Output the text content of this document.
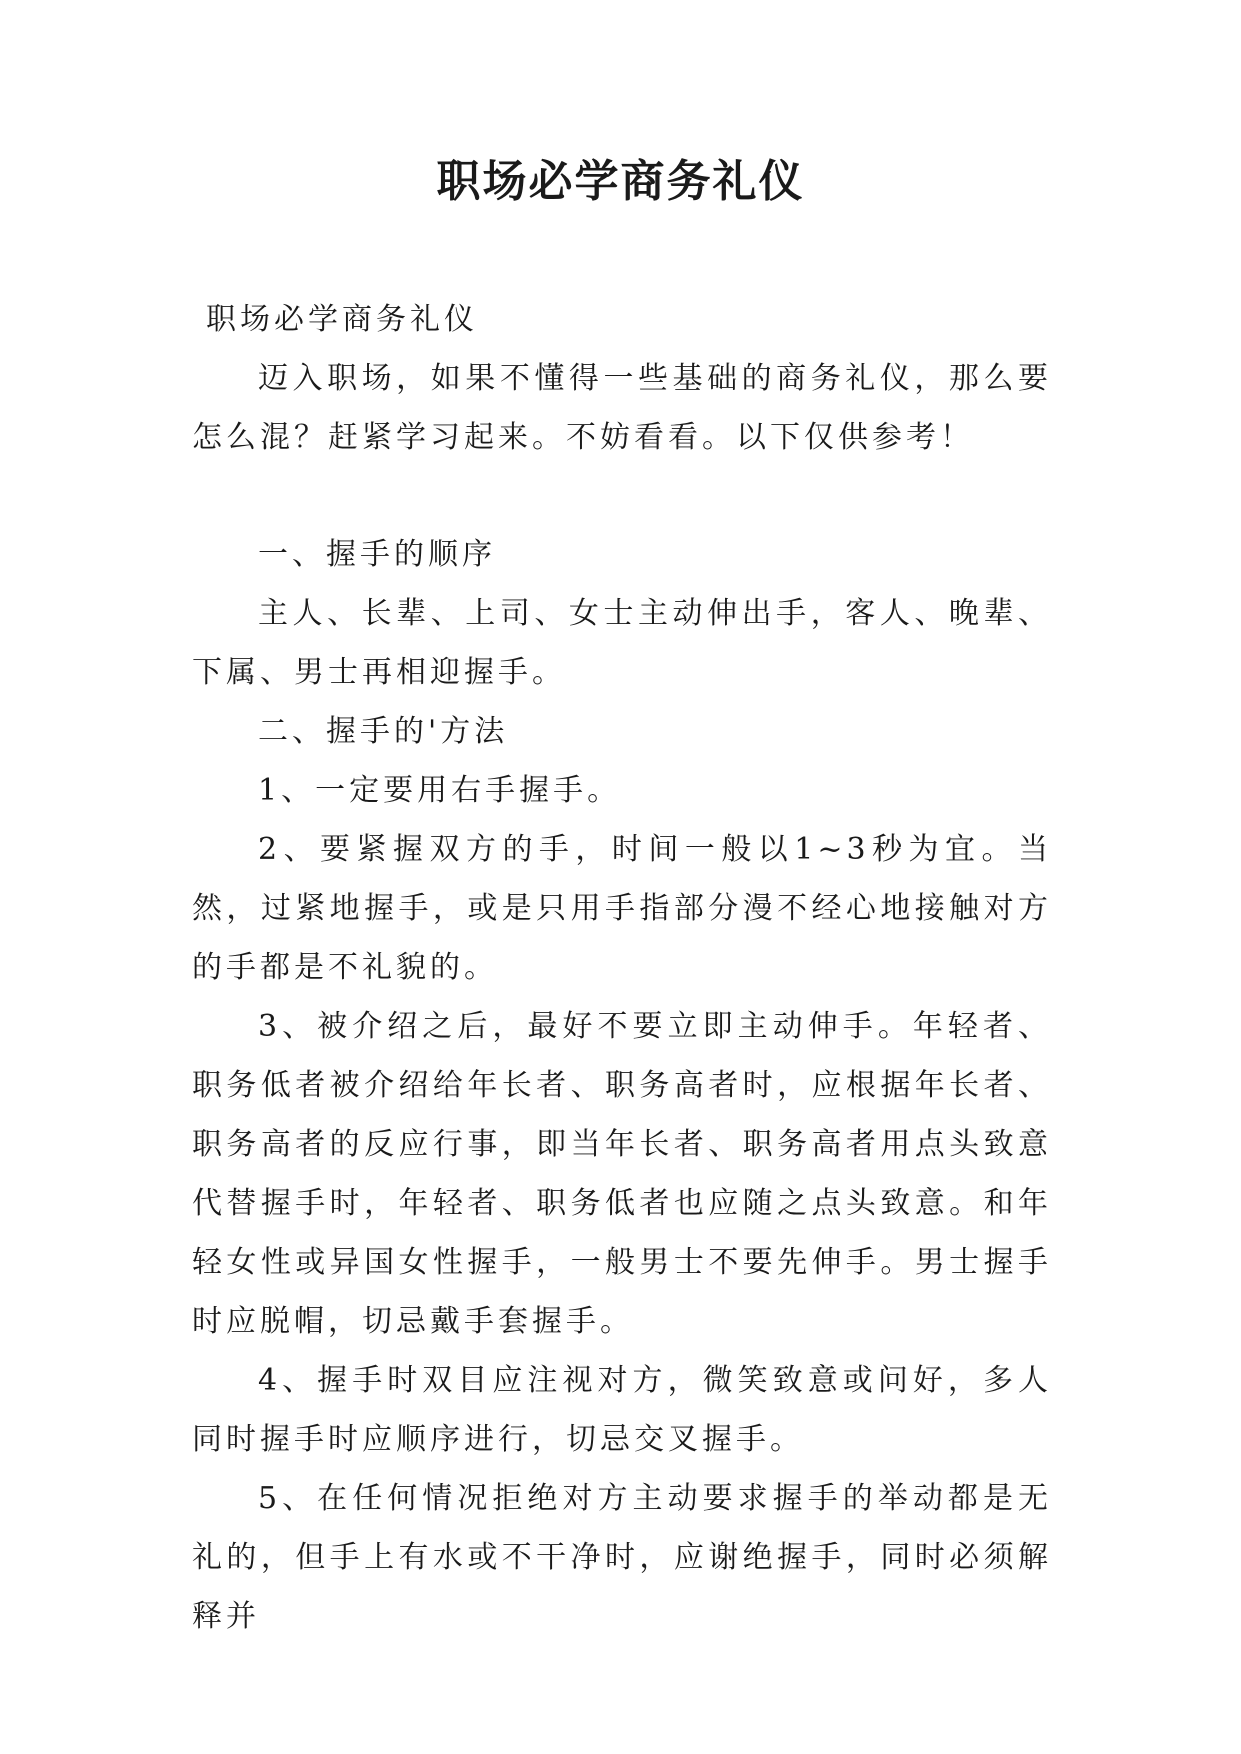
职场必学商务礼仪

职场必学商务礼仪

迈入职场，如果不懂得一些基础的商务礼仪，那么要怎么混？赶紧学习起来。不妨看看。以下仅供参考！

一、握手的顺序

主人、长辈、上司、女士主动伸出手，客人、晚辈、下属、男士再相迎握手。

二、握手的'方法

1、一定要用右手握手。

2、要紧握双方的手，时间一般以1~3秒为宜。当然，过紧地握手，或是只用手指部分漫不经心地接触对方的手都是不礼貌的。

3、被介绍之后，最好不要立即主动伸手。年轻者、职务低者被介绍给年长者、职务高者时，应根据年长者、职务高者的反应行事，即当年长者、职务高者用点头致意代替握手时，年轻者、职务低者也应随之点头致意。和年轻女性或异国女性握手，一般男士不要先伸手。男士握手时应脱帽，切忌戴手套握手。

4、握手时双目应注视对方，微笑致意或问好，多人同时握手时应顺序进行，切忌交叉握手。

5、在任何情况拒绝对方主动要求握手的举动都是无礼的，但手上有水或不干净时，应谢绝握手，同时必须解释并
